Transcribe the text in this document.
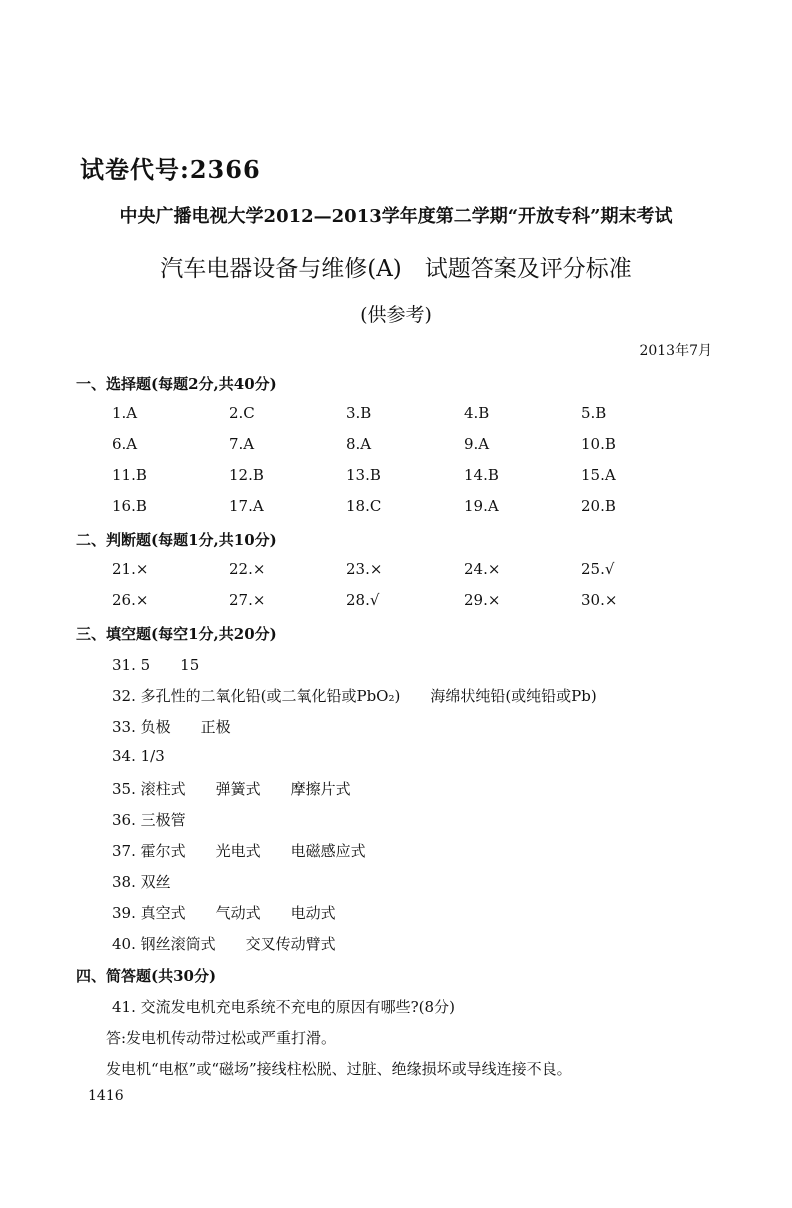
试卷代号:2366
中央广播电视大学2012—2013学年度第二学期“开放专科”期末考试
汽车电器设备与维修(A)　试题答案及评分标准
(供参考)
2013年7月
一、选择题(每题2分,共40分)
1.A	2.C	3.B	4.B	5.B
6.A	7.A	8.A	9.A	10.B
11.B	12.B	13.B	14.B	15.A
16.B	17.A	18.C	19.A	20.B
二、判断题(每题1分,共10分)
21.×	22.×	23.×	24.×	25.√
26.×	27.×	28.√	29.×	30.×
三、填空题(每空1分,共20分)
31. 5　　15
32. 多孔性的二氧化铅(或二氧化铅或PbO₂)　　海绵状纯铅(或纯铅或Pb)
33. 负极　　正极
34. 1/3
35. 滚柱式　　弹簧式　　摩擦片式
36. 三极管
37. 霍尔式　　光电式　　电磁感应式
38. 双丝
39. 真空式　　气动式　　电动式
40. 钢丝滚筒式　　交叉传动臂式
四、简答题(共30分)
41. 交流发电机充电系统不充电的原因有哪些?(8分)
答:发电机传动带过松或严重打滑。
发电机“电枢”或“磁场”接线柱松脱、过脏、绝缘损坏或导线连接不良。
1416
